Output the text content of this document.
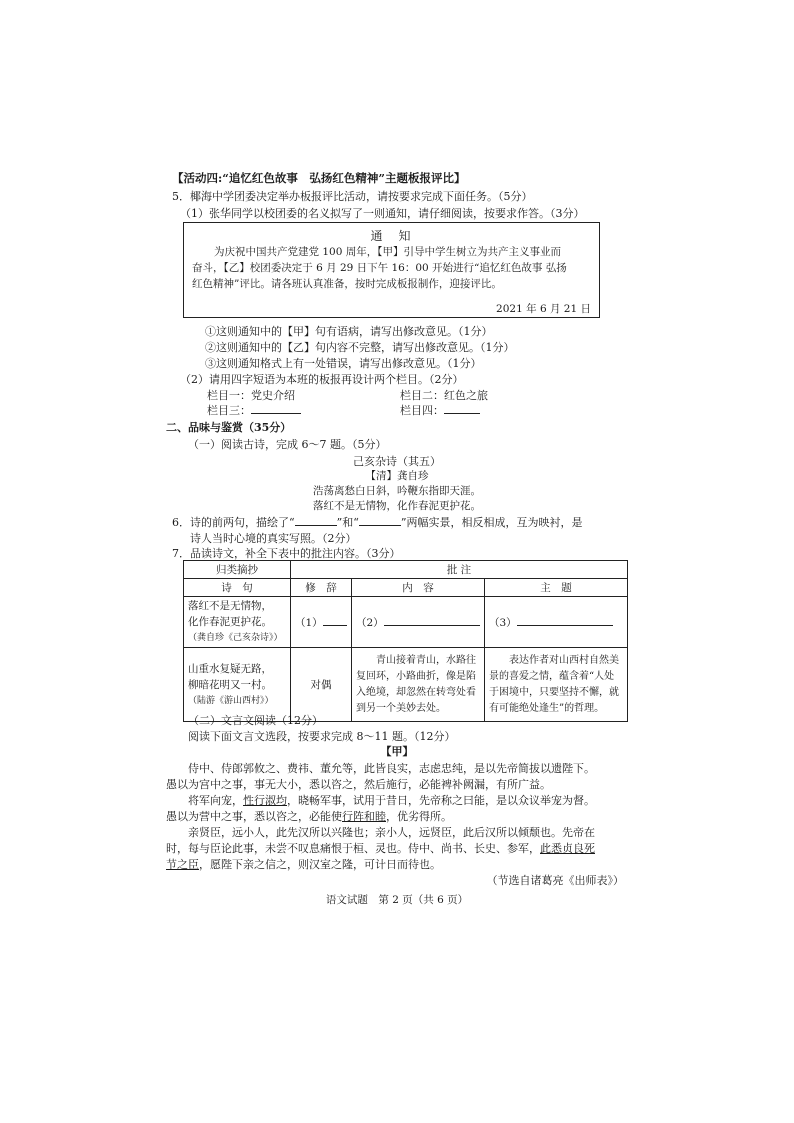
【活动四:“追忆红色故事　弘扬红色精神”主题板报评比】
5．椰海中学团委决定举办板报评比活动，请按要求完成下面任务。（5分）
（1）张华同学以校团委的名义拟写了一则通知，请仔细阅读，按要求作答。（3分）
通　知
为庆祝中国共产党建党 100 周年，【甲】引导中学生树立为共产主义事业而
奋斗，【乙】校团委决定于 6 月 29 日下午 16：00 开始进行“追忆红色故事 弘扬
红色精神”评比。请各班认真准备，按时完成板报制作，迎接评比。
2021 年 6 月 21 日
①这则通知中的【甲】句有语病，请写出修改意见。（1分）
②这则通知中的【乙】句内容不完整，请写出修改意见。（1分）
③这则通知格式上有一处错误，请写出修改意见。（1分）
（2）请用四字短语为本班的板报再设计两个栏目。（2分）
栏目一：党史介绍	栏目二：红色之旅
栏目三：	栏目四：
二、品味与鉴赏（35分）
（一）阅读古诗，完成 6～7 题。（5分）
己亥杂诗（其五）
【清】龚自珍
浩荡离愁白日斜，吟鞭东指即天涯。
落红不是无情物，化作春泥更护花。
6．诗的前两句，描绘了“	”和“	”两幅实景，相反相成，互为映衬，是
诗人当时心境的真实写照。（2分）
7．品读诗文，补全下表中的批注内容。（3分）
归类摘抄	批 注		
诗　句	修　辞	内　容	主　题

落红不是无情物，
化作春泥更护花。
（龚自珍《己亥杂诗》）	（1）	（2）	（3）

山重水复疑无路，
柳暗花明又一村。
（陆游《游山西村》）	对偶	青山接着青山，水路往复回环，小路曲折，像是陷入绝境，却忽然在转弯处看到另一个美妙去处。	表达作者对山西村自然美景的喜爱之情，蕴含着“人处于困境中，只要坚持不懈，就有可能绝处逢生”的哲理。
（二）文言文阅读（12分）
阅读下面文言文选段，按要求完成 8～11 题。（12分）
【甲】
侍中、侍郎郭攸之、费祎、董允等，此皆良实，志虑忠纯，是以先帝简拔以遗陛下。
愚以为宫中之事，事无大小，悉以咨之，然后施行，必能裨补阙漏，有所广益。
将军向宠，性行淑均，晓畅军事，试用于昔日，先帝称之曰能，是以众议举宠为督。
愚以为营中之事，悉以咨之，必能使行阵和睦，优劣得所。
亲贤臣，远小人，此先汉所以兴隆也；亲小人，远贤臣，此后汉所以倾颓也。先帝在
时，每与臣论此事，未尝不叹息痛恨于桓、灵也。侍中、尚书、长史、参军，此悉贞良死
节之臣，愿陛下亲之信之，则汉室之隆，可计日而待也。
（节选自诸葛亮《出师表》）
语文试题　第 2 页（共 6 页）
